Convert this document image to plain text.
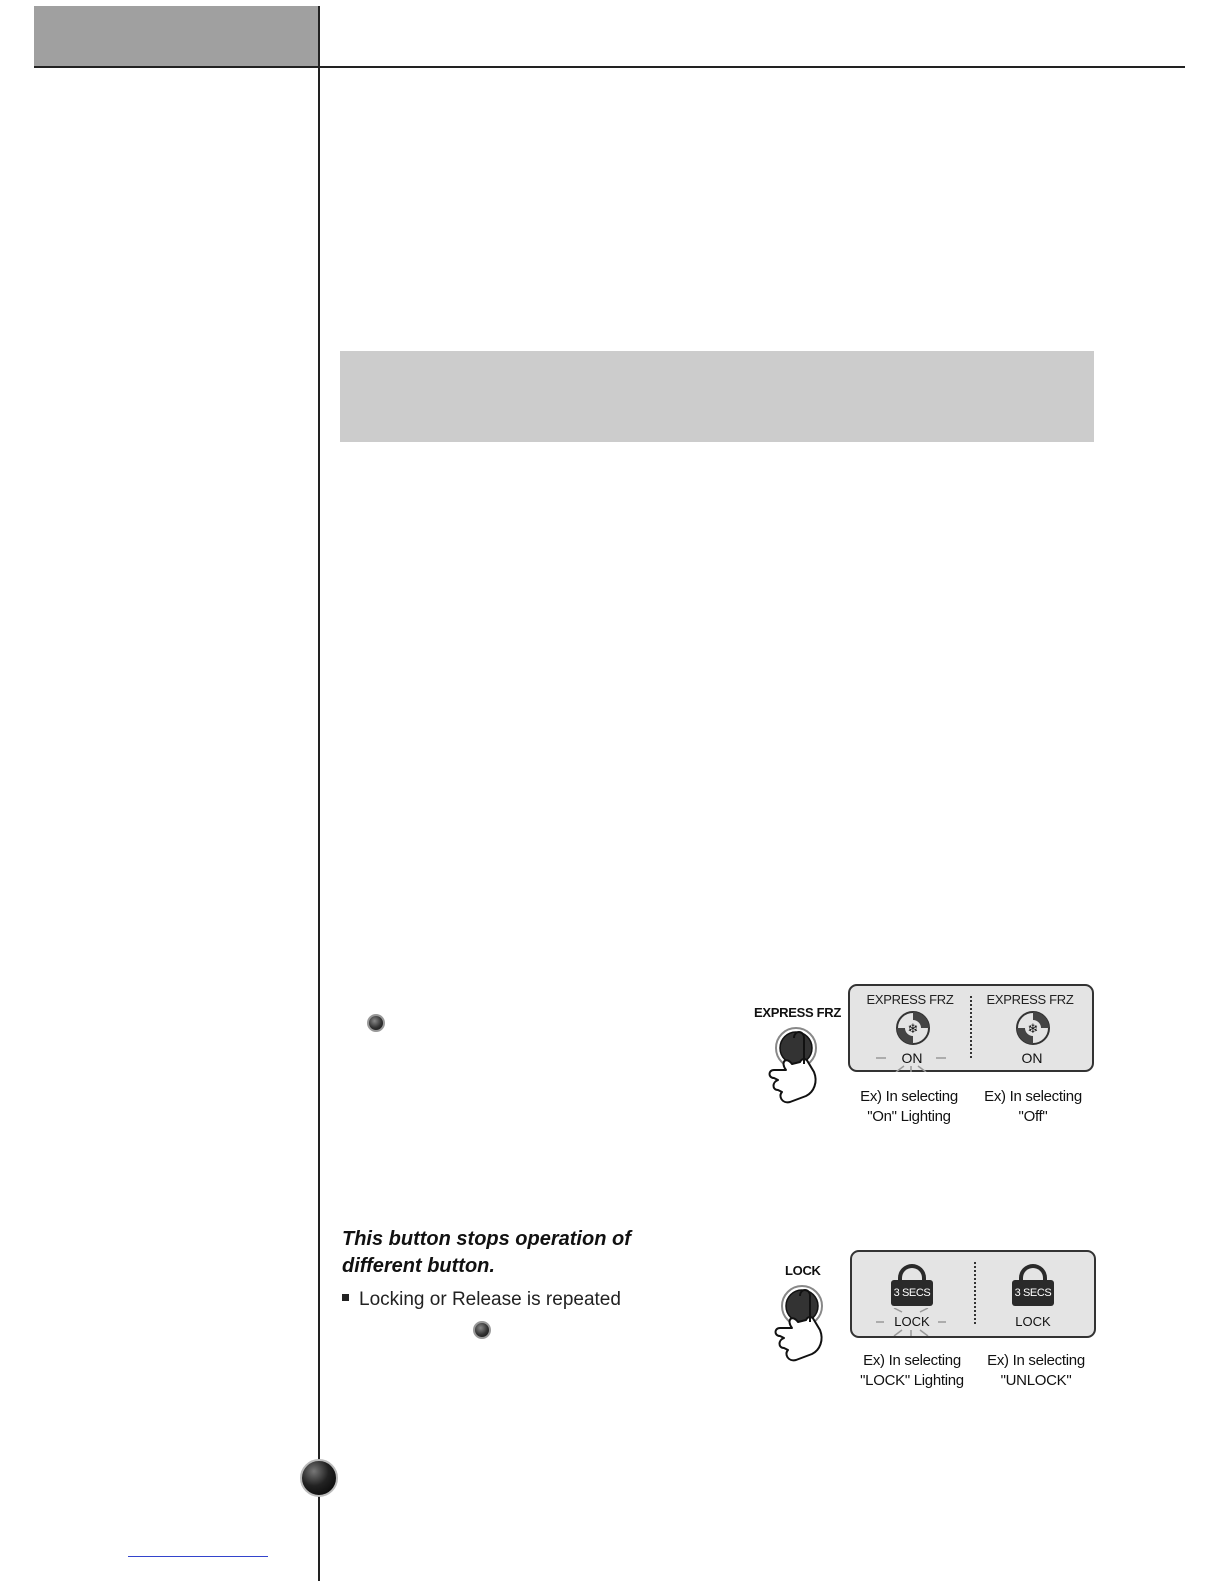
This button stops operation of different button.

Locking or Release is repeated
EXPRESS FRZ
EXPRESS FRZ
❄
ON
EXPRESS FRZ
❄
ON
Ex) In selecting
"On" Lighting
Ex) In selecting
"Off"
LOCK
3 SECS
LOCK
3 SECS
LOCK
Ex) In selecting
"LOCK" Lighting
Ex) In selecting
"UNLOCK"
